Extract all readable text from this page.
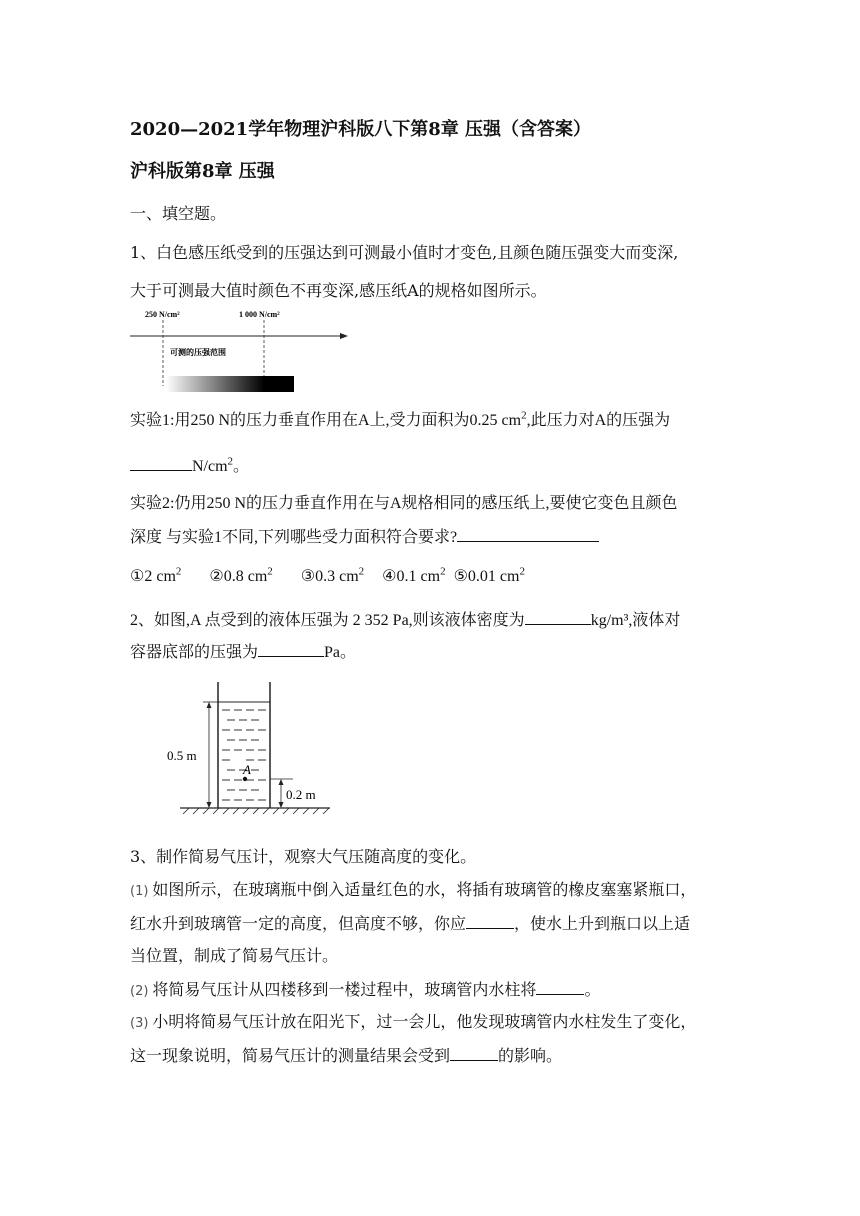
2020—2021学年物理沪科版八下第8章 压强（含答案）
沪科版第8章 压强
一、填空题。
1、白色感压纸受到的压强达到可测最小值时才变色,且颜色随压强变大而变深,
大于可测最大值时颜色不再变深,感压纸A的规格如图所示。
250 N/cm²	1 000 N/cm²
可测的压强范围
实验1:用250 N的压力垂直作用在A上,受力面积为0.25 $cm^2$,此压力对A的压强为
$N/cm^2$。
实验2:仍用250 N的压力垂直作用在与A规格相同的感压纸上,要使它变色且颜色
深度 与实验1不同,下列哪些受力面积符合要求?
①2 $cm^2$ ②0.8 $cm^2$ ③0.3 $cm^2$ ④0.1 $cm^2$ ⑤0.01 $cm^2$
2、如图,A 点受到的液体压强为 2 352 Pa,则该液体密度为	kg/m³,液体对
容器底部的压强为	Pa。
A
0.5 m
0.2 m
3、制作简易气压计，观察大气压随高度的变化。
(1) 如图所示，在玻璃瓶中倒入适量红色的水，将插有玻璃管的橡皮塞塞紧瓶口，
红水升到玻璃管一定的高度，但高度不够，你应	，使水上升到瓶口以上适
当位置，制成了简易气压计。
(2) 将简易气压计从四楼移到一楼过程中，玻璃管内水柱将	。
(3) 小明将简易气压计放在阳光下，过一会儿，他发现玻璃管内水柱发生了变化，
这一现象说明，简易气压计的测量结果会受到	的影响。
